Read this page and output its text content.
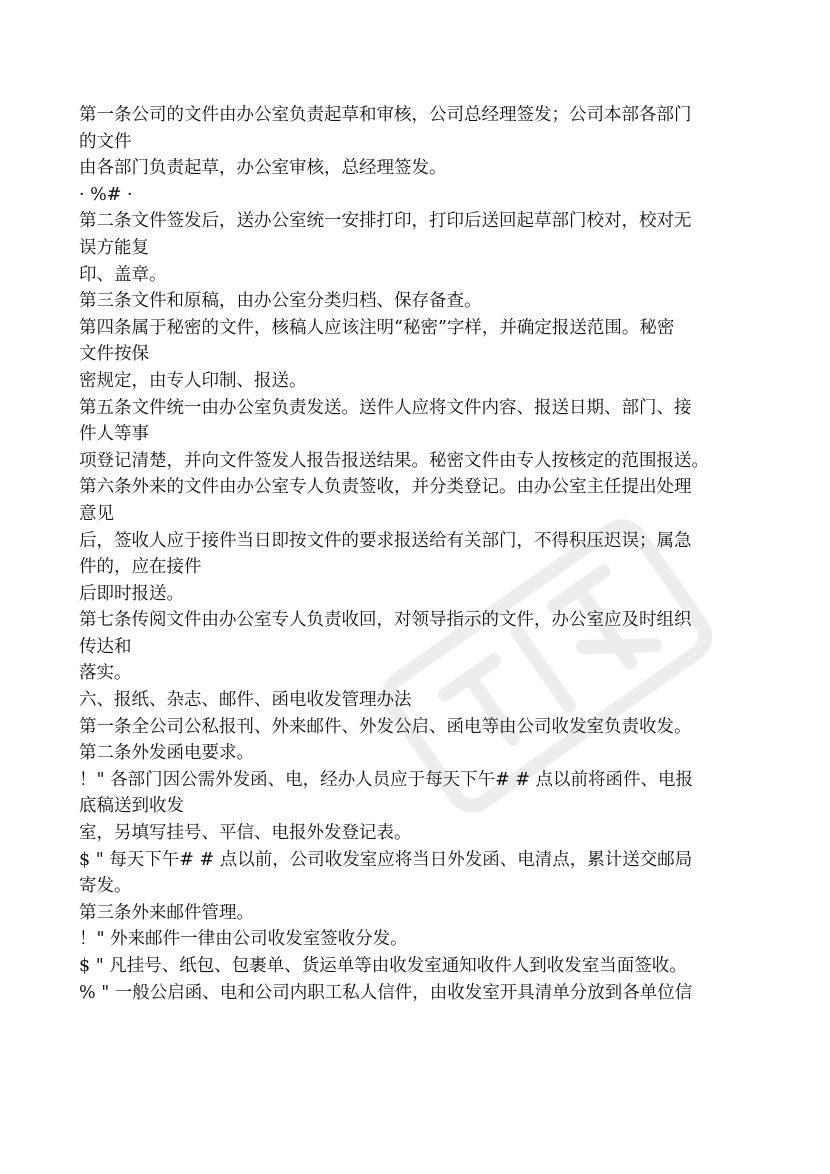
第一条公司的文件由办公室负责起草和审核，公司总经理签发；公司本部各部门
的文件
由各部门负责起草，办公室审核，总经理签发。
· %# ·
第二条文件签发后，送办公室统一安排打印，打印后送回起草部门校对，校对无
误方能复
印、盖章。
第三条文件和原稿，由办公室分类归档、保存备查。
第四条属于秘密的文件，核稿人应该注明“秘密”字样，并确定报送范围。秘密
文件按保
密规定，由专人印制、报送。
第五条文件统一由办公室负责发送。送件人应将文件内容、报送日期、部门、接
件人等事
项登记清楚，并向文件签发人报告报送结果。秘密文件由专人按核定的范围报送。
第六条外来的文件由办公室专人负责签收，并分类登记。由办公室主任提出处理
意见
后，签收人应于接件当日即按文件的要求报送给有关部门，不得积压迟误；属急
件的，应在接件
后即时报送。
第七条传阅文件由办公室专人负责收回，对领导指示的文件，办公室应及时组织
传达和
落实。
六、报纸、杂志、邮件、函电收发管理办法
第一条全公司公私报刊、外来邮件、外发公启、函电等由公司收发室负责收发。
第二条外发函电要求。
！" 各部门因公需外发函、电，经办人员应于每天下午# # 点以前将函件、电报
底稿送到收发
室，另填写挂号、平信、电报外发登记表。
$ " 每天下午# # 点以前，公司收发室应将当日外发函、电清点，累计送交邮局
寄发。
第三条外来邮件管理。
！" 外来邮件一律由公司收发室签收分发。
$ " 凡挂号、纸包、包裹单、货运单等由收发室通知收件人到收发室当面签收。
% " 一般公启函、电和公司内职工私人信件，由收发室开具清单分放到各单位信
